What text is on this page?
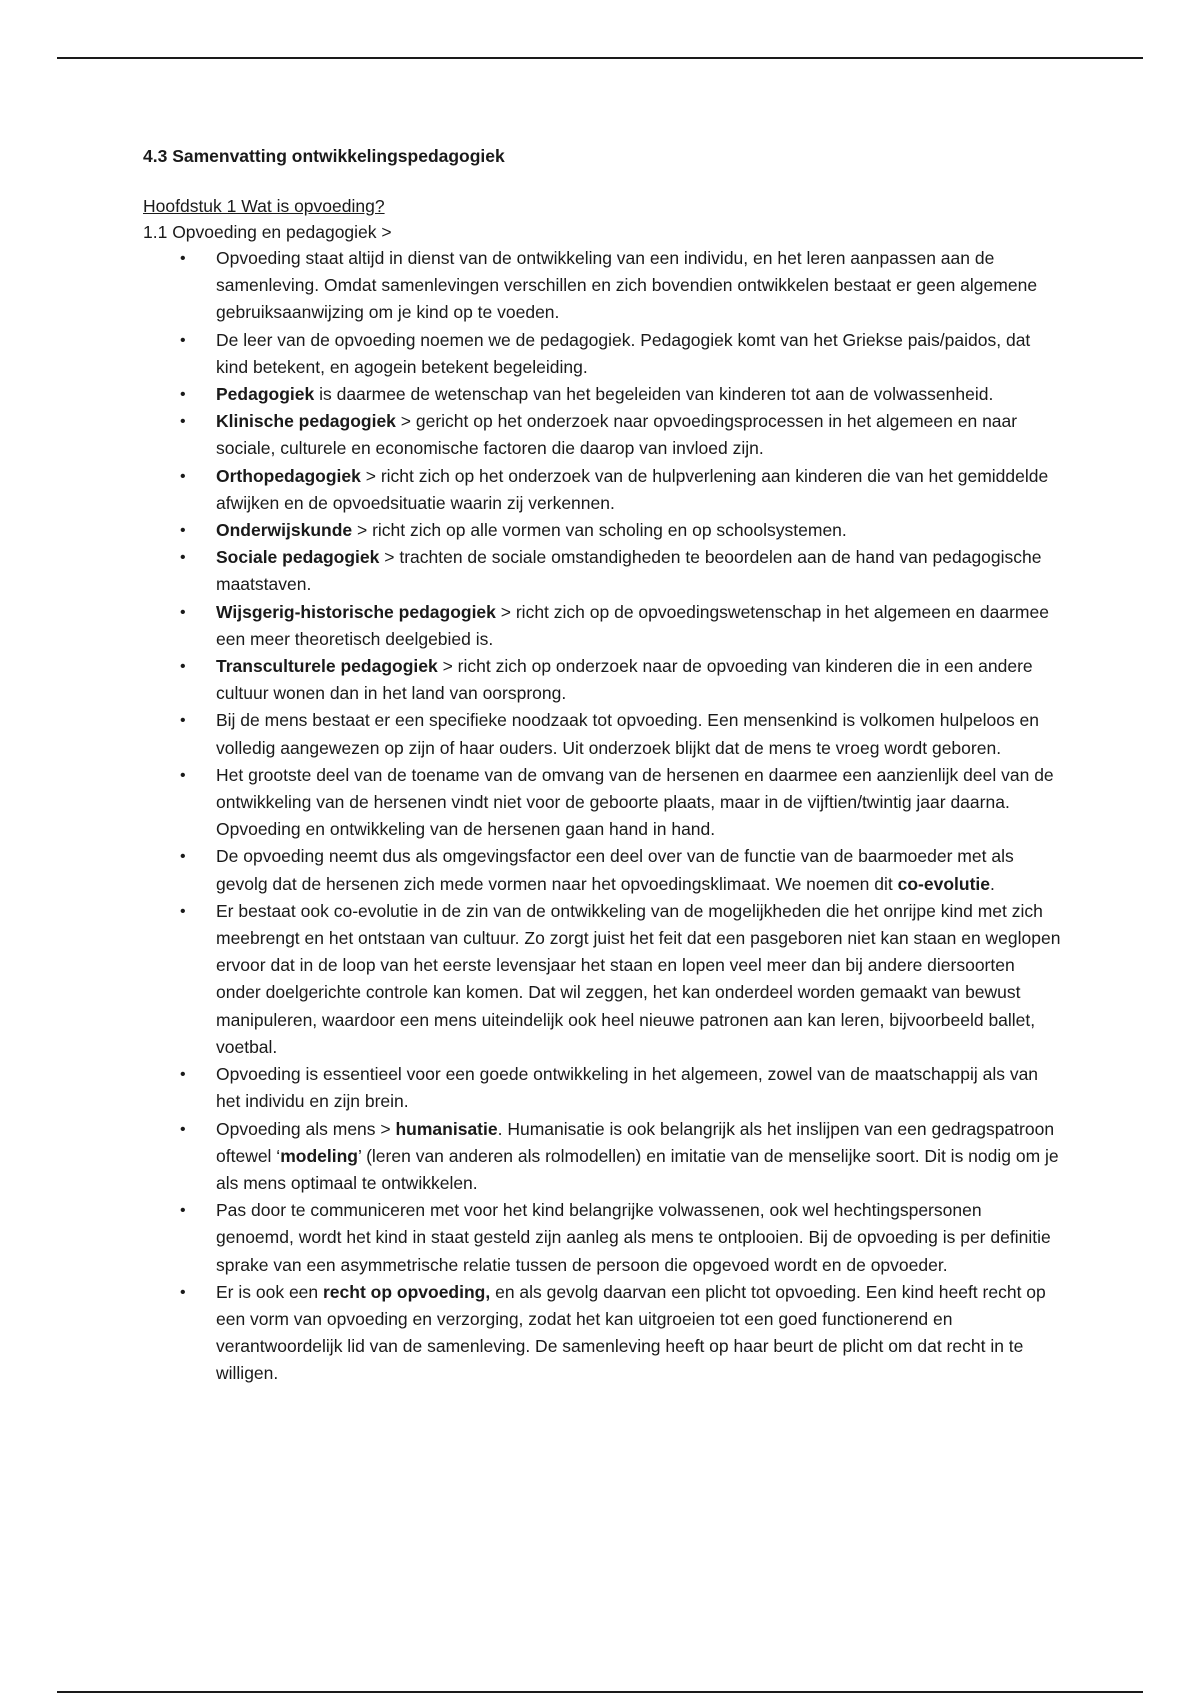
4.3 Samenvatting ontwikkelingspedagogiek
Hoofdstuk 1 Wat is opvoeding?
1.1 Opvoeding en pedagogiek >
• Opvoeding staat altijd in dienst van de ontwikkeling van een individu, en het leren aanpassen aan de samenleving. Omdat samenlevingen verschillen en zich bovendien ontwikkelen bestaat er geen algemene gebruiksaanwijzing om je kind op te voeden.
• De leer van de opvoeding noemen we de pedagogiek. Pedagogiek komt van het Griekse pais/paidos, dat kind betekent, en agogein betekent begeleiding.
• Pedagogiek is daarmee de wetenschap van het begeleiden van kinderen tot aan de volwassenheid.
• Klinische pedagogiek > gericht op het onderzoek naar opvoedingsprocessen in het algemeen en naar sociale, culturele en economische factoren die daarop van invloed zijn.
• Orthopedagogiek > richt zich op het onderzoek van de hulpverlening aan kinderen die van het gemiddelde afwijken en de opvoedsituatie waarin zij verkennen.
• Onderwijskunde > richt zich op alle vormen van scholing en op schoolsystemen.
• Sociale pedagogiek > trachten de sociale omstandigheden te beoordelen aan de hand van pedagogische maatstaven.
• Wijsgerig-historische pedagogiek > richt zich op de opvoedingswetenschap in het algemeen en daarmee een meer theoretisch deelgebied is.
• Transculturele pedagogiek > richt zich op onderzoek naar de opvoeding van kinderen die in een andere cultuur wonen dan in het land van oorsprong.
• Bij de mens bestaat er een specifieke noodzaak tot opvoeding. Een mensenkind is volkomen hulpeloos en volledig aangewezen op zijn of haar ouders. Uit onderzoek blijkt dat de mens te vroeg wordt geboren.
• Het grootste deel van de toename van de omvang van de hersenen en daarmee een aanzienlijk deel van de ontwikkeling van de hersenen vindt niet voor de geboorte plaats, maar in de vijftien/twintig jaar daarna. Opvoeding en ontwikkeling van de hersenen gaan hand in hand.
• De opvoeding neemt dus als omgevingsfactor een deel over van de functie van de baarmoeder met als gevolg dat de hersenen zich mede vormen naar het opvoedingsklimaat. We noemen dit co-evolutie.
• Er bestaat ook co-evolutie in de zin van de ontwikkeling van de mogelijkheden die het onrijpe kind met zich meebrengt en het ontstaan van cultuur. Zo zorgt juist het feit dat een pasgeboren niet kan staan en weglopen ervoor dat in de loop van het eerste levensjaar het staan en lopen veel meer dan bij andere diersoorten onder doelgerichte controle kan komen. Dat wil zeggen, het kan onderdeel worden gemaakt van bewust manipuleren, waardoor een mens uiteindelijk ook heel nieuwe patronen aan kan leren, bijvoorbeeld ballet, voetbal.
• Opvoeding is essentieel voor een goede ontwikkeling in het algemeen, zowel van de maatschappij als van het individu en zijn brein.
• Opvoeding als mens > humanisatie. Humanisatie is ook belangrijk als het inslijpen van een gedragspatroon oftewel ‘modeling’ (leren van anderen als rolmodellen) en imitatie van de menselijke soort. Dit is nodig om je als mens optimaal te ontwikkelen.
• Pas door te communiceren met voor het kind belangrijke volwassenen, ook wel hechtingspersonen genoemd, wordt het kind in staat gesteld zijn aanleg als mens te ontplooien. Bij de opvoeding is per definitie sprake van een asymmetrische relatie tussen de persoon die opgevoed wordt en de opvoeder.
• Er is ook een recht op opvoeding, en als gevolg daarvan een plicht tot opvoeding. Een kind heeft recht op een vorm van opvoeding en verzorging, zodat het kan uitgroeien tot een goed functionerend en verantwoordelijk lid van de samenleving. De samenleving heeft op haar beurt de plicht om dat recht in te willigen.
